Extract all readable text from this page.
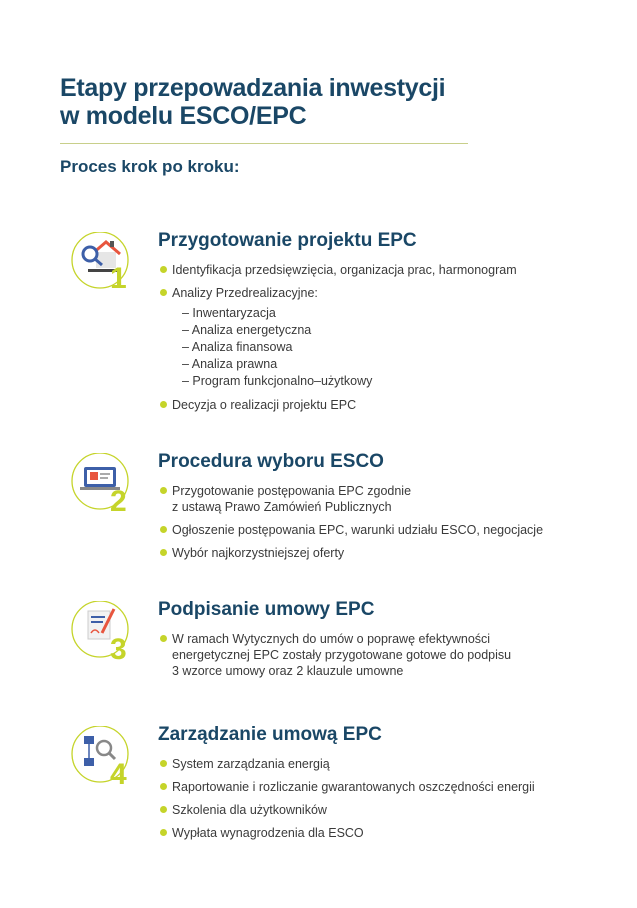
Etapy przepowadzania inwestycji
w modelu ESCO/EPC
Proces krok po kroku:
1
Przygotowanie projektu EPC
Identyfikacja przedsięwzięcia, organizacja prac, harmonogram
Analizy Przedrealizacyjne:
– Inwentaryzacja
– Analiza energetyczna
– Analiza finansowa
– Analiza prawna
– Program funkcjonalno–użytkowy
Decyzja o realizacji projektu EPC
2
Procedura wyboru ESCO
Przygotowanie postępowania EPC zgodnie
z ustawą Prawo Zamówień Publicznych
Ogłoszenie postępowania EPC, warunki udziału ESCO, negocjacje
Wybór najkorzystniejszej oferty
3
Podpisanie umowy EPC
W ramach Wytycznych do umów o poprawę efektywności
energetycznej EPC zostały przygotowane gotowe do podpisu
3 wzorce umowy oraz 2 klauzule umowne
4
Zarządzanie umową EPC
System zarządzania energią
Raportowanie i rozliczanie gwarantowanych oszczędności energii
Szkolenia dla użytkowników
Wypłata wynagrodzenia dla ESCO
